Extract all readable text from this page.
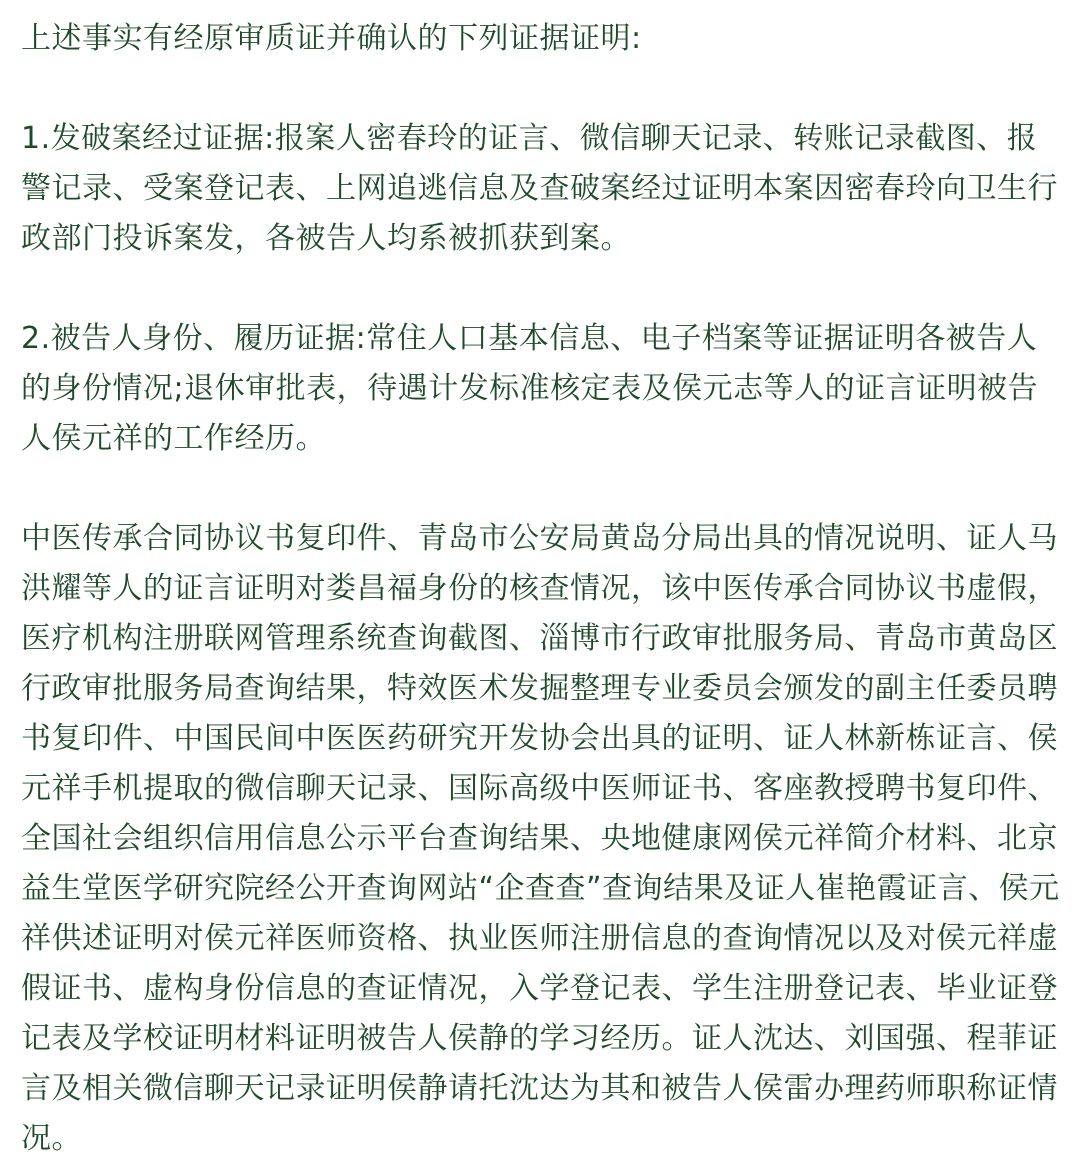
上述事实有经原审质证并确认的下列证据证明:

1.发破案经过证据:报案人密春玲的证言、微信聊天记录、转账记录截图、报警记录、受案登记表、上网追逃信息及查破案经过证明本案因密春玲向卫生行政部门投诉案发，各被告人均系被抓获到案。

2.被告人身份、履历证据:常住人口基本信息、电子档案等证据证明各被告人的身份情况;退休审批表，待遇计发标准核定表及侯元志等人的证言证明被告人侯元祥的工作经历。

中医传承合同协议书复印件、青岛市公安局黄岛分局出具的情况说明、证人马洪耀等人的证言证明对娄昌福身份的核查情况，该中医传承合同协议书虚假，医疗机构注册联网管理系统查询截图、淄博市行政审批服务局、青岛市黄岛区行政审批服务局查询结果，特效医术发掘整理专业委员会颁发的副主任委员聘书复印件、中国民间中医医药研究开发协会出具的证明、证人林新栋证言、侯元祥手机提取的微信聊天记录、国际高级中医师证书、客座教授聘书复印件、全国社会组织信用信息公示平台查询结果、央地健康网侯元祥简介材料、北京益生堂医学研究院经公开查询网站“企查查”查询结果及证人崔艳霞证言、侯元祥供述证明对侯元祥医师资格、执业医师注册信息的查询情况以及对侯元祥虚假证书、虚构身份信息的查证情况，入学登记表、学生注册登记表、毕业证登记表及学校证明材料证明被告人侯静的学习经历。证人沈达、刘国强、程菲证言及相关微信聊天记录证明侯静请托沈达为其和被告人侯雷办理药师职称证情况。
